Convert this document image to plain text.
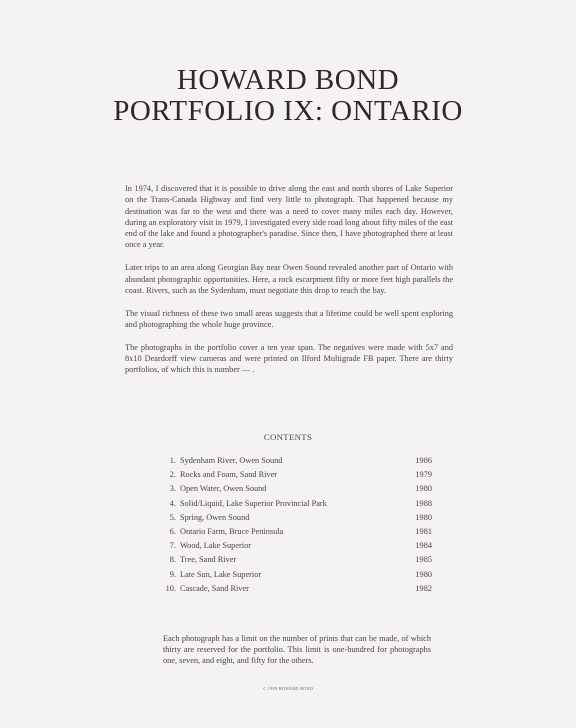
HOWARD BOND
PORTFOLIO IX: ONTARIO

In 1974, I discovered that it is possible to drive along the east and north shores of Lake Superior on the Trans-Canada Highway and find very little to photograph. That happened because my destination was far to the west and there was a need to cover many miles each day. However, during an exploratory visit in 1979, I investigated every side road long about fifty miles of the east end of the lake and found a photographer's paradise. Since then, I have photographed there at least once a year.

Later trips to an area along Georgian Bay near Owen Sound revealed another part of Ontario with abundant photographic opportunities. Here, a rock escarpment fifty or more feet high parallels the coast. Rivers, such as the Sydenham, must negotiate this drop to reach the bay.

The visual richness of these two small areas suggests that a lifetime could be well spent exploring and photographing the whole huge province.

The photographs in the portfolio cover a ten year span. The negatives were made with 5x7 and 8x10 Deardorff view cameras and were printed on Ilford Multigrade FB paper. There are thirty portfolios, of which this is number — .

CONTENTS
1. Sydenham River, Owen Sound	1986
2. Rocks and Foam, Sand River	1979
3. Open Water, Owen Sound	1980
4. Solid/Liquid, Lake Superior Provincial Park	1988
5. Spring, Owen Sound	1980
6. Ontario Farm, Bruce Peninsula	1981
7. Wood, Lake Superior	1984
8. Tree, Sand River	1985
9. Late Sun, Lake Superior	1980
10. Cascade, Sand River	1982

Each photograph has a limit on the number of prints that can be made, of which thirty are reserved for the portfolio. This limit is one-hundred for photographs one, seven, and eight, and fifty for the others.

© 1989 HOWARD BOND
